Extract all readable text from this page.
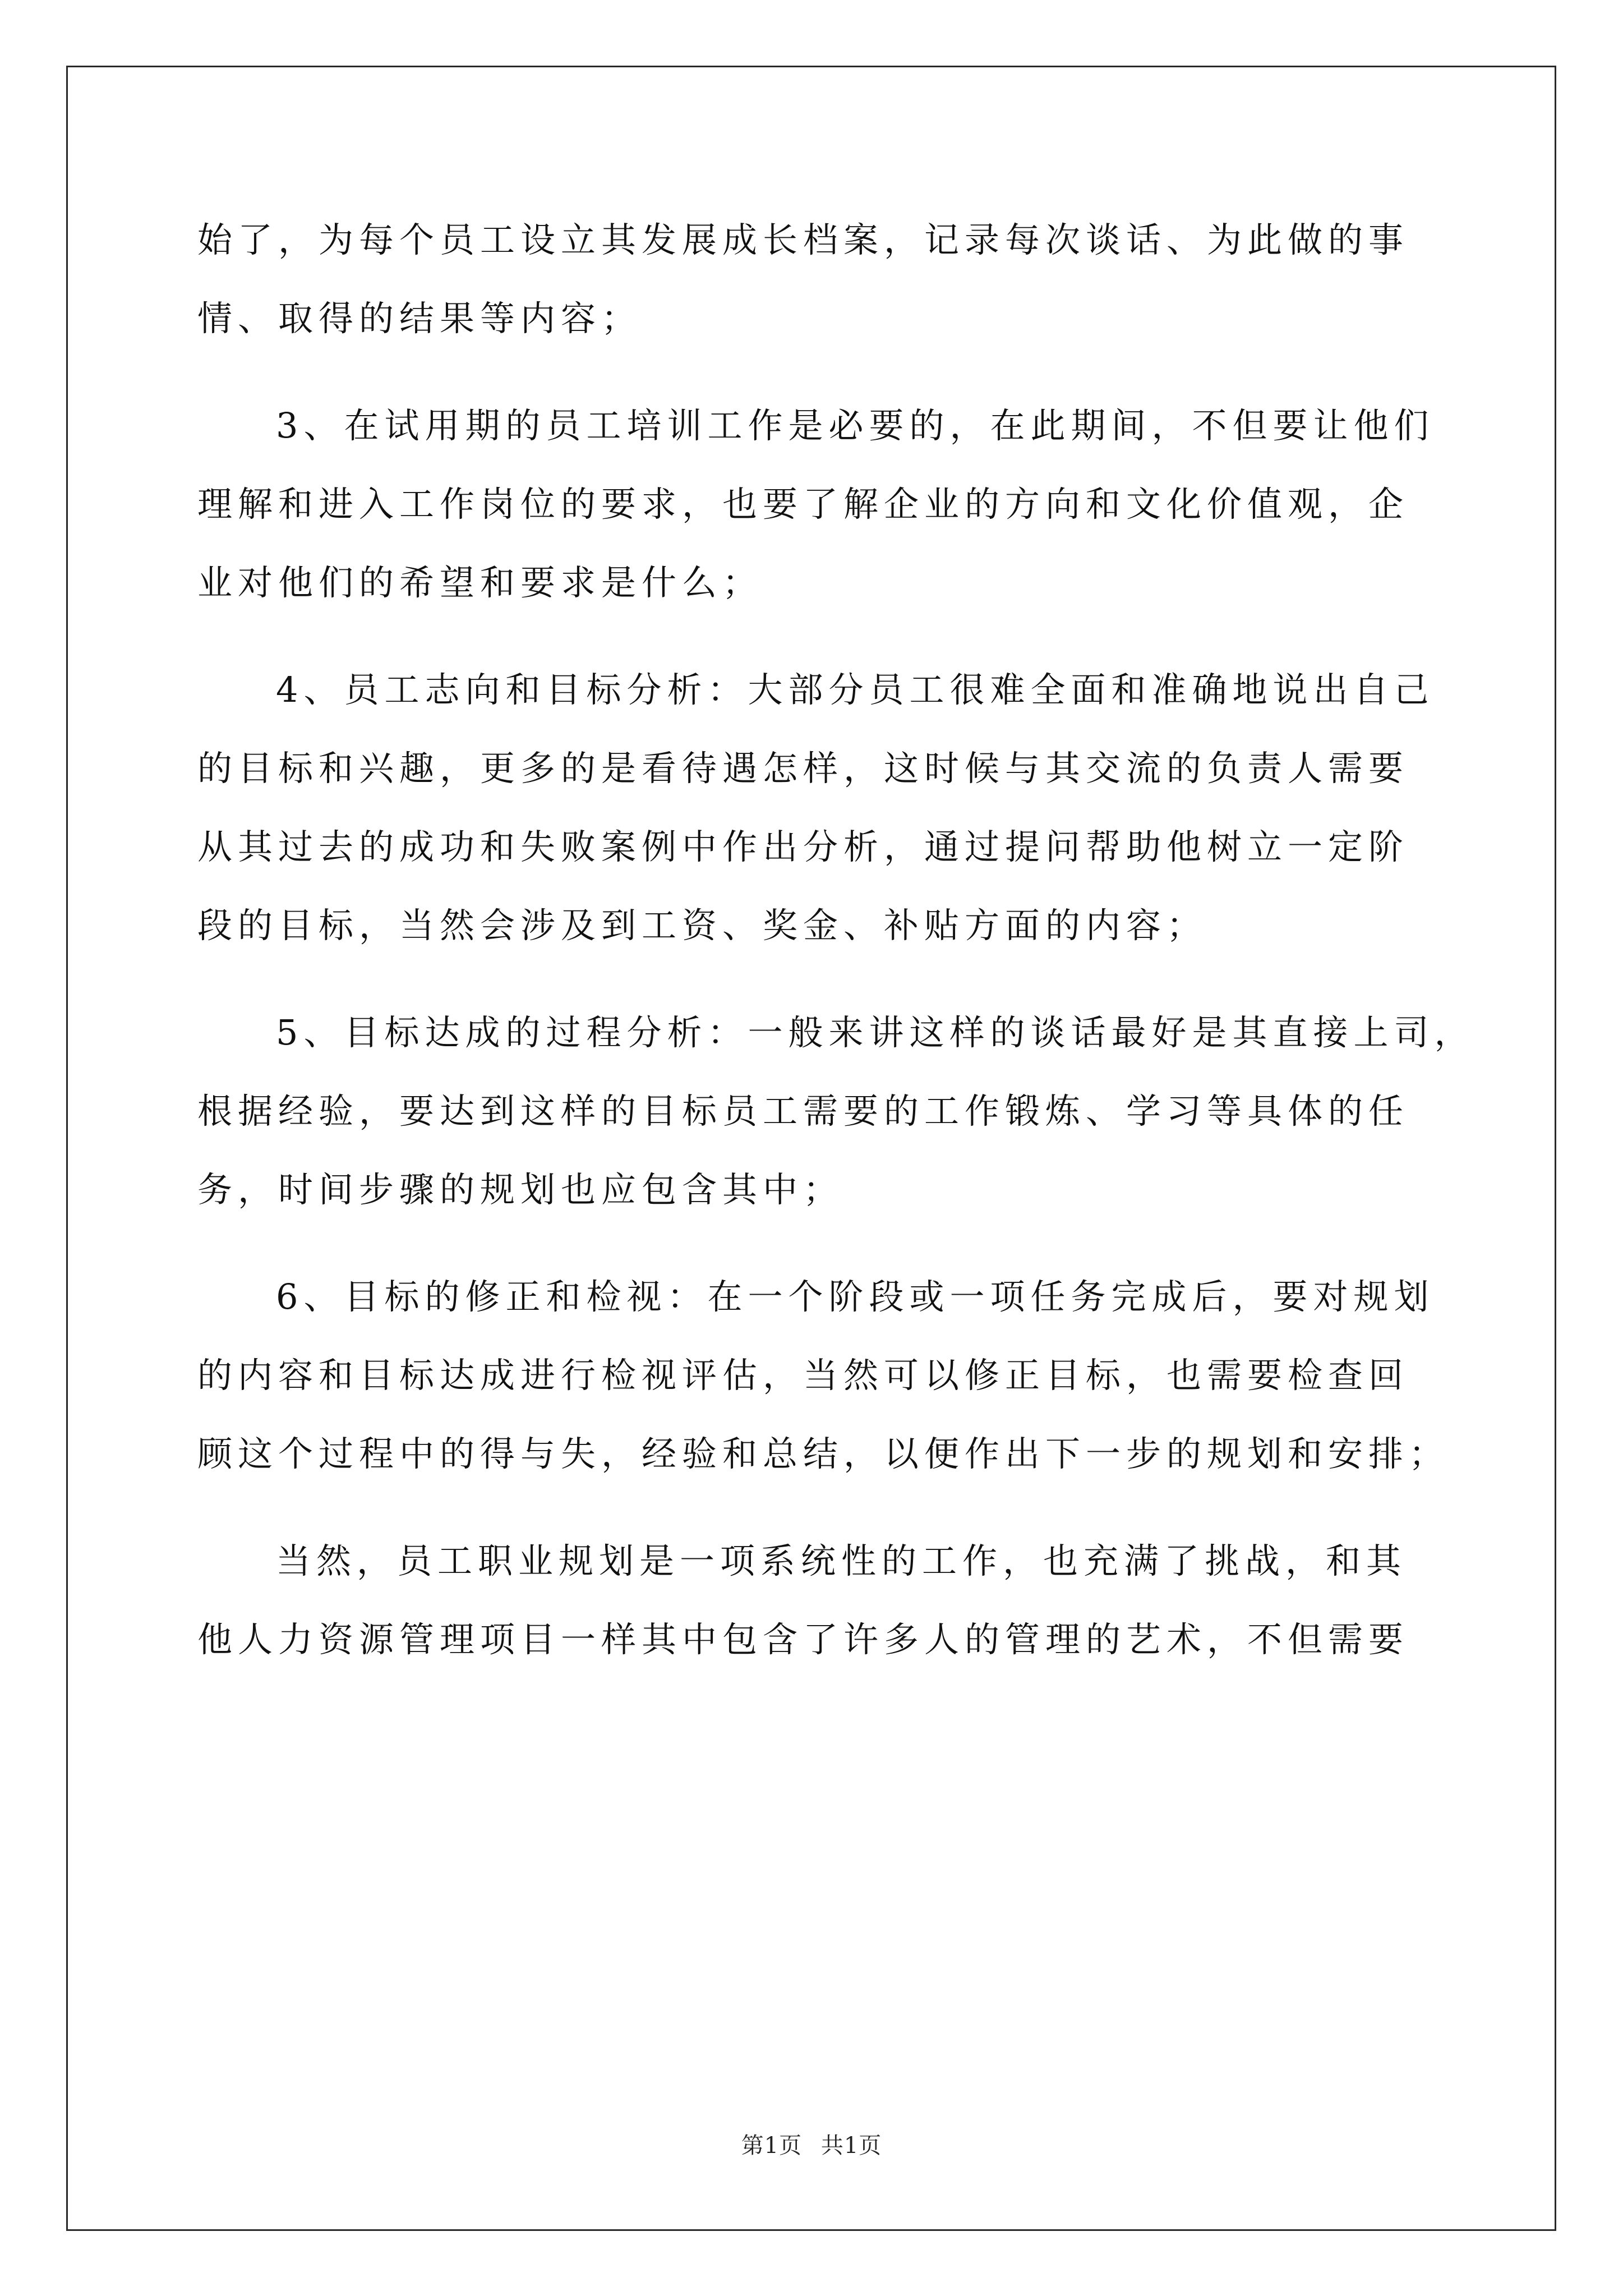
始了，为每个员工设立其发展成长档案，记录每次谈话、为此做的事
情、取得的结果等内容；

3、在试用期的员工培训工作是必要的，在此期间，不但要让他们
理解和进入工作岗位的要求，也要了解企业的方向和文化价值观，企
业对他们的希望和要求是什么；

4、员工志向和目标分析：大部分员工很难全面和准确地说出自己
的目标和兴趣，更多的是看待遇怎样，这时候与其交流的负责人需要
从其过去的成功和失败案例中作出分析，通过提问帮助他树立一定阶
段的目标，当然会涉及到工资、奖金、补贴方面的内容；

5、目标达成的过程分析：一般来讲这样的谈话最好是其直接上司，
根据经验，要达到这样的目标员工需要的工作锻炼、学习等具体的任
务，时间步骤的规划也应包含其中；

6、目标的修正和检视：在一个阶段或一项任务完成后，要对规划
的内容和目标达成进行检视评估，当然可以修正目标，也需要检查回
顾这个过程中的得与失，经验和总结，以便作出下一步的规划和安排；

当然，员工职业规划是一项系统性的工作，也充满了挑战，和其
他人力资源管理项目一样其中包含了许多人的管理的艺术，不但需要

第1页 共1页
